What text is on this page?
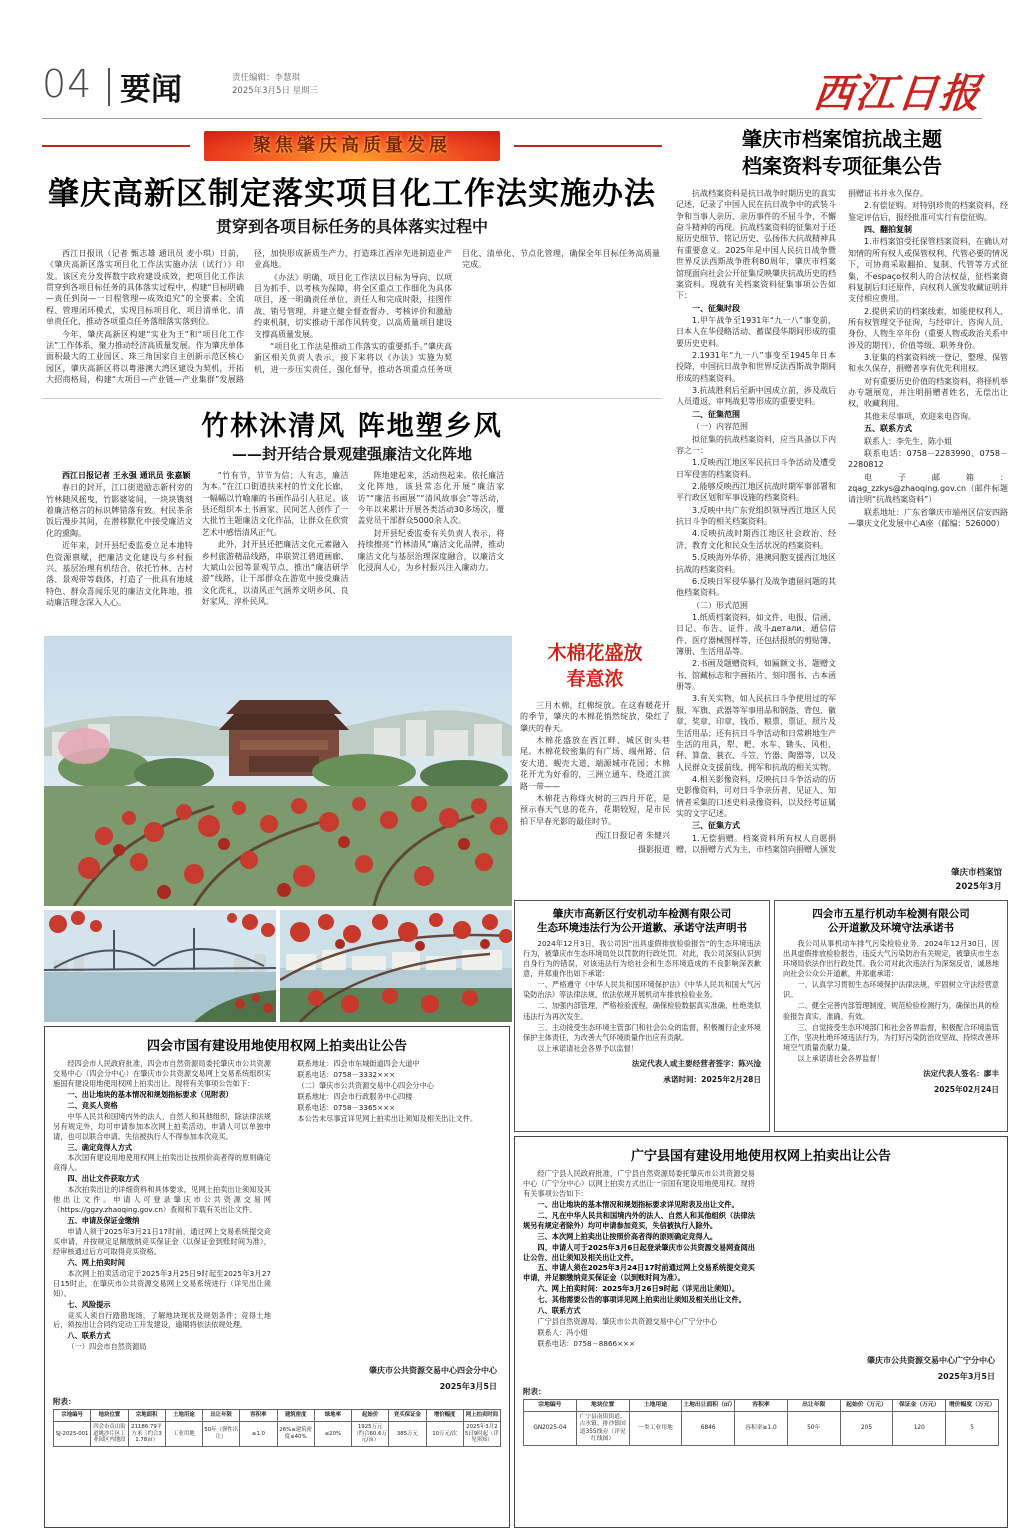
04 要闻	责任编辑：李慧琪
2025年3月5日 星期三	西江日报
聚焦肇庆高质量发展
肇庆高新区制定落实项目化工作法实施办法
贯穿到各项目标任务的具体落实过程中

西江日报讯（记者 甄志雄 通讯员 麦小琪）日前，《肇庆高新区落实项目化工作法实施办法（试行）》印发。该区充分发挥数字政府建设成效，把项目化工作法贯穿到各项目标任务的具体落实过程中，构建“目标明确—责任到岗—一日程管理—成效追究”的全要素、全流程、管理闭环模式，实现目标项目化、项目清单化、清单责任化，推动各项重点任务落细落实落到位。

今年，肇庆高新区构建“实业为王”和“项目化工作法”工作体系，聚力推动经济高质量发展。作为肇庆单体面积最大的工业园区、珠三角国家自主创新示范区核心园区，肇庆高新区将以粤港澳大湾区建设为契机，开拓大招商格局，构建“大项目—产业链—产业集群”发展路径，加快形成新质生产力，打造珠江西岸先进制造业产业高地。

《办法》明确，项目化工作法以目标为导向、以项目为抓手、以考核为保障，将全区重点工作细化为具体项目，逐一明确责任单位、责任人和完成时限，挂图作战、销号管理，并建立健全督查督办、考核评价和激励约束机制，切实推动干部作风转变，以高质量项目建设支撑高质量发展。

“项目化工作法是推动工作落实的重要抓手。”肇庆高新区相关负责人表示，接下来将以《办法》实施为契机，进一步压实责任、强化督导，推动各项重点任务项目化、清单化、节点化管理，确保全年目标任务高质量完成。

竹林沐清风 阵地塑乡风
——封开结合景观建强廉洁文化阵地

西江日报记者 王永强 通讯员 张嘉颖

春日的封开，江口街道励志新村旁的竹林随风摇曳，竹影婆娑间，一块块镌刻着廉洁格言的标识牌错落有致。村民茶余饭后漫步其间，在潜移默化中接受廉洁文化的熏陶。

近年来，封开县纪委监委立足本地特色资源禀赋，把廉洁文化建设与乡村振兴、基层治理有机结合，依托竹林、古村落、景观带等载体，打造了一批具有地域特色、群众喜闻乐见的廉洁文化阵地，推动廉洁理念深入人心。

“竹有节，节节为信；人有志，廉洁为本。”在江口街道扶来村的竹文化长廊，一幅幅以竹喻廉的书画作品引人驻足。该县还组织本土书画家、民间艺人创作了一大批竹主题廉洁文化作品，让群众在欣赏艺术中感悟清风正气。

此外，封开县还把廉洁文化元素融入乡村旅游精品线路，串联贺江碧道画廊、大斌山公园等景观节点，推出“廉洁研学游”线路，让干部群众在游览中接受廉洁文化洗礼，以清风正气涵养文明乡风、良好家风、淳朴民风。

阵地建起来，活动热起来。依托廉洁文化阵地，该县常态化开展“廉洁家访”“廉洁书画展”“清风故事会”等活动，今年以来累计开展各类活动30多场次，覆盖党员干部群众5000余人次。

封开县纪委监委有关负责人表示，将持续擦亮“竹林清风”廉洁文化品牌，推动廉洁文化与基层治理深度融合，以廉洁文化浸润人心，为乡村振兴注入廉动力。

木棉花盛放
春意浓

三月木棉，红棉绽放。在这春暖花开的季节，肇庆的木棉花悄然绽放，染红了肇庆的春天。

木棉花盛放在西江畔、城区街头巷尾。木棉花较密集的有广场、端州路、信安大道、蚬壳大道、端源城市花园；木棉花开尤为好看的，三洲立通车、绕道江滨路一带——

木棉花古称烽火树的三四月开花，是预示春天气息的花卉，花期较短，是市民拍下早春光影的最佳时节。

西江日报记者 朱健兴
摄影报道
肇庆市档案馆抗战主题
档案资料专项征集公告

抗战档案资料是抗日战争时期历史的真实记述，记录了中国人民在抗日战争中的武装斗争和当事人亲历、亲历事件的不屈斗争、不懈奋斗精神的再现。抗战档案资料的征集对于还原历史细节、铭记历史、弘扬伟大抗战精神具有重要意义。2025年是中国人民抗日战争暨世界反法西斯战争胜利80周年，肇庆市档案馆现面向社会公开征集反映肇庆抗战历史的档案资料。现就有关档案资料征集事项公告如下：

一、征集时段

1.甲午战争至1931年“九一八”事变前，日本人在华侵略活动、蓄谋侵华期间形成的重要历史史料。

2.1931年“九一八”事变至1945年日本投降，中国抗日战争和世界反法西斯战争期间形成的档案资料。

3.抗战胜利后至新中国成立前，涉及战后人员遣返、审判战犯等形成的重要史料。

二、征集范围

（一）内容范围

拟征集的抗战档案资料，应当具备以下内容之一：

1.反映西江地区军民抗日斗争活动及遭受日军侵害的档案资料。

2.能够反映西江地区抗战时期军事部署和平行政区划和军事设施的档案资料。

3.反映中共广东党组织领导西江地区人民抗日斗争的相关档案资料。

4.反映抗战时期西江地区社会政治、经济、教育文化和民众生活状况的档案资料。

5.反映海外华侨、港澳同胞支援西江地区抗战的档案资料。

6.反映日军侵华暴行及战争遗留问题的其他档案资料。

（二）形式范围

1.纸质档案资料，如文件、电报、信函、日记、布告、证件、战斗детали、通信信件、医疗器械图样等，还包括报纸的剪贴簿、簿册、生活用品等。

2.书画及题赠资料，如匾额文书、题赠文书、馆藏标志和字画拓片、刻印图书、古本函册等。

3.有关实物，如人民抗日斗争使用过的军服、军旗、武器等军事用品和钢盔、背包、徽章、奖章、印章、钱币、粮票、票证、照片及生活用品；还有抗日斗争活动和日常耕地生产生活的用具，犁、耙、水车、锄头、风柜、秤、算盘、蓑衣、斗笠、竹器、陶器等，以及人民群众支援前线、拥军和抗战的相关实物。

4.相关影像资料，反映抗日斗争活动的历史影像资料，可对日斗争亲历者、见证人、知情者采集的口述史料录像资料，以及经考证属实的文字记述。

三、征集方式

1.无偿捐赠。档案资料所有权人自愿捐赠，以捐赠方式为主，市档案馆向捐赠人颁发捐赠证书并永久保存。

2.有偿征购。对特别珍贵的档案资料，经鉴定评估后，报经批准可实行有偿征购。

四、翻拍复制

1.市档案馆受托保管档案资料，在确认对知情的所有权人或保管权利、代管必要的情况下，可协商采取翻拍、复制、代管等方式征集，不espaço权利人的合法权益，征档案資料复制后归还原件，向权利人颁发收藏证明并支付相应费用。

2.提供采访的档案线索，如能使权利人、所有权管理交予征询，与经审计、咨询人员、身份、人物生卒年份（重要人物或政治关系中涉及的期刊）、价值等级、职务身份。

3.征集的档案资料统一登记、整理、保管和永久保存，捐赠者享有优先利用权。

对有重要历史价值的档案资料，将择机举办专题展览，并注明捐赠者姓名，无偿出让权，收藏利用。

其他未尽事项，欢迎来电咨询。

五、联系方式

联系人：李先生、陈小姐

联系电话：0758－2283990、0758－2280812

电子邮箱：zqag_zzkys@zhaoqing.gov.cn（邮件标题请注明“抗战档案资料”）

联系地址：广东省肇庆市端州区信安四路—肇庆文化发展中心A座（邮编：526000）

肇庆市档案馆
2025年3月
肇庆市高新区行安机动车检测有限公司
生态环境违法行为公开道歉、承诺守法声明书

2024年12月3日，我公司因“出具虚假排放检验报告”的生态环境违法行为，被肇庆市生态环境局处以罚款的行政处罚。对此，我公司深刻认识到自身行为的错误，对该违法行为给社会和生态环境造成的不良影响深表歉意，并郑重作出如下承诺：

一、严格遵守《中华人民共和国环境保护法》《中华人民共和国大气污染防治法》等法律法规，依法依规开展机动车排放检验业务。

二、加强内部管理，严格检验流程，确保检验数据真实准确，杜绝类似违法行为再次发生。

三、主动接受生态环境主管部门和社会公众的监督，积极履行企业环境保护主体责任，为改善大气环境质量作出应有贡献。

以上承诺请社会各界予以监督！

法定代表人或主要经营者签字：陈兴淦
承诺时间：2025年2月28日
四会市五星行机动车检测有限公司
公开道歉及环境守法承诺书

我公司从事机动车排气污染检验业务。2024年12月30日，因出具虚假排放检验报告，违反大气污染防治有关规定，被肇庆市生态环境局依法作出行政处罚。我公司对此次违法行为深刻反省，诚恳地向社会公众公开道歉，并郑重承诺：

一、认真学习贯彻生态环境保护法律法规，牢固树立守法经营意识。

二、健全完善内部管理制度，规范检验检测行为，确保出具的检验报告真实、准确、有效。

三、自觉接受生态环境部门和社会各界监督，积极配合环境监管工作，坚决杜绝环境违法行为，为打好污染防治攻坚战、持续改善环境空气质量贡献力量。

以上承诺请社会各界监督！

法定代表人签名：廖丰
2025年02月24日
四会市国有建设用地使用权网上拍卖出让公告

经四会市人民政府批准，四会市自然资源局委托肇庆市公共资源交易中心（四会分中心）在肇庆市公共资源交易网上交易系统组织实施国有建设用地使用权网上拍卖出让。现将有关事项公告如下：

一、出让地块的基本情况和规划指标要求（见附表）

二、竞买人资格

中华人民共和国境内外的法人、自然人和其他组织，除法律法规另有规定外，均可申请参加本次网上拍卖活动。申请人可以单独申请，也可以联合申请。失信被执行人不得参加本次竞买。

三、确定竞得人方式

本次国有建设用地使用权网上拍卖出让按照价高者得的原则确定竞得人。

四、出让文件获取方式

本次拍卖出让的详细资料和具体要求，见网上拍卖出让须知及其他出让文件。申请人可登录肇庆市公共资源交易网（https://ggzy.zhaoqing.gov.cn）查阅和下载有关出让文件。

五、申请及保证金缴纳

申请人须于2025年3月21日17时前，通过网上交易系统提交竞买申请，并按规定足额缴纳竞买保证金（以保证金到账时间为准），经审核通过后方可取得竞买资格。

六、网上拍卖时间

本次网上拍卖活动定于2025年3月25日9时起至2025年3月27日15时止，在肇庆市公共资源交易网上交易系统进行（详见出让须知）。

七、风险提示

竞买人须自行踏勘现场，了解地块现状及规划条件；竞得土地后，须按出让合同约定动工开发建设，逾期将依法依规处理。

八、联系方式

（一）四会市自然资源局

联系地址：四会市东城街道四会大道中

联系电话：0758－3332×××

（二）肇庆市公共资源交易中心四会分中心

联系地址：四会市行政服务中心四楼

联系电话：0758－3365×××

本公告未尽事宜详见网上拍卖出让须知及相关出让文件。

肇庆市公共资源交易中心四会分中心
2025年3月5日
附表：
宗地编号	地块位置	宗地面积	土地用途	出让年限	容积率	建筑密度	绿地率	起始价	竞买保证金	增价幅度	网上拍卖时间
SJ-2025-001	四会市贞山街道姚沙片区工业园区内地段	21186.79平方米（约合31.78亩）	工业用地	50年（弹性出让）	≥1.0	26%≤建筑密度≤40%	≤20%	1925万元（约合60.6万元/亩）	385万元	10万元/次	2025年3月25日9时起（详见须知）
广宁县国有建设用地使用权网上拍卖出让公告

经广宁县人民政府批准，广宁县自然资源局委托肇庆市公共资源交易中心（广宁分中心）以网上拍卖方式出让一宗国有建设用地使用权。现将有关事项公告如下：

一、出让地块的基本情况和规划指标要求详见附表及出让文件。

二、凡在中华人民共和国境内外的法人、自然人和其他组织（法律法规另有规定者除外）均可申请参加竞买，失信被执行人除外。

三、本次网上拍卖出让按照价高者得的原则确定竞得人。

四、申请人可于2025年3月6日起登录肇庆市公共资源交易网查阅出让公告、出让须知及相关出让文件。

五、申请人须在2025年3月24日17时前通过网上交易系统提交竞买申请，并足额缴纳竞买保证金（以到账时间为准）。

六、网上拍卖时间：2025年3月26日9时起（详见出让须知）。

七、其他需要公告的事项详见网上拍卖出让须知及相关出让文件。

八、联系方式

广宁县自然资源局、肇庆市公共资源交易中心广宁分中心

联系人：冯小姐

联系电话：0758－8866×××

肇庆市公共资源交易中心广宁分中心
2025年3月5日
附表：
宗地编号	地块位置	土地用途	土地出让面积（㎡）	容积率	出让年限	起始价（万元）	保证金（万元）	增价幅度（万元）
GN2025-04	广宁县南街街道、古水镇、排沙镇国道355线旁（详见红线图）	一类工业用地	6846	容积率≥1.0	50年	205	120	5
